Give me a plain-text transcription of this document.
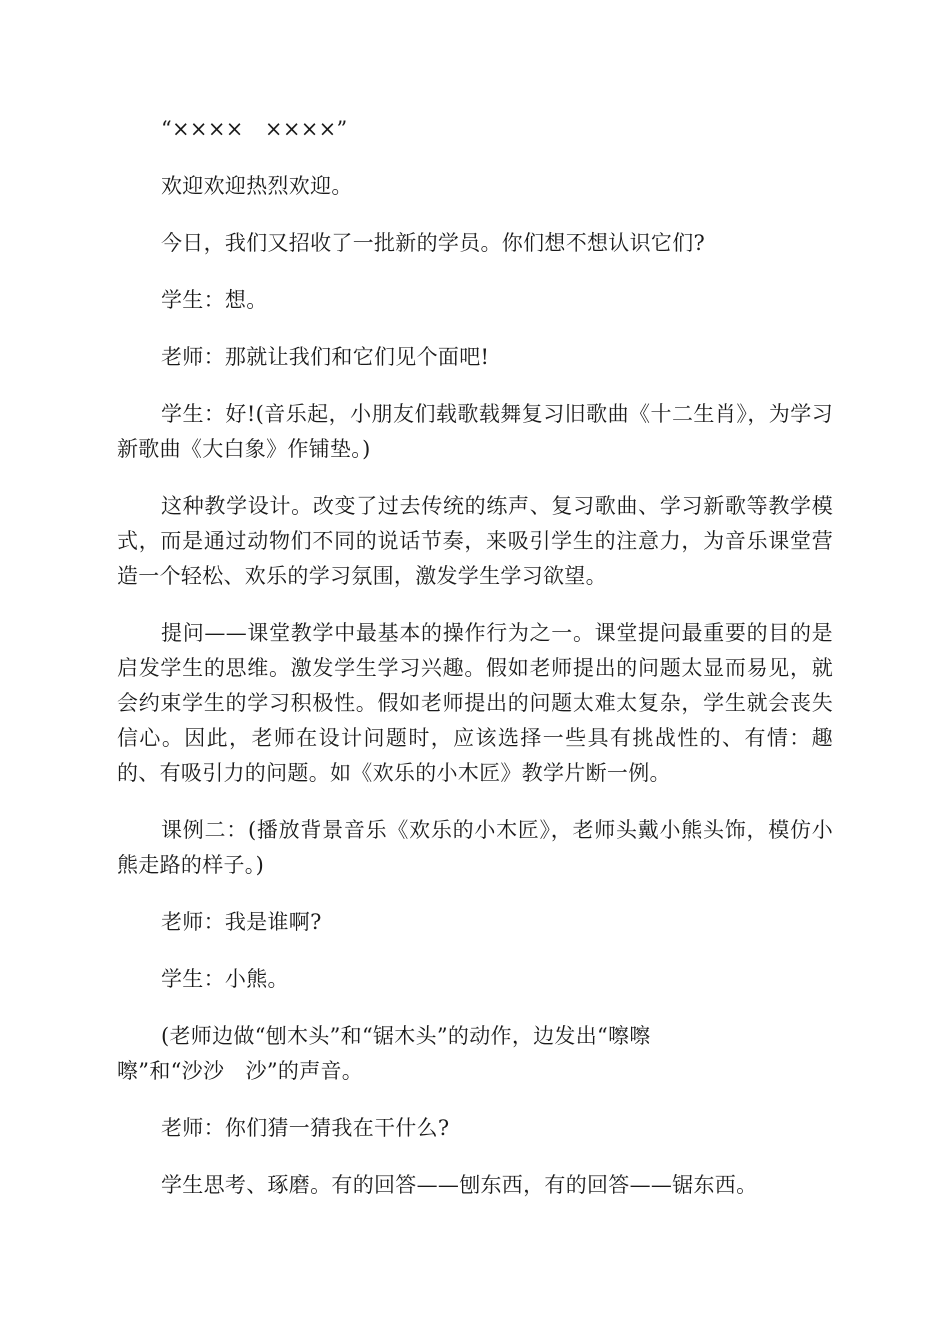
“××××　××××”

欢迎欢迎热烈欢迎。

今日，我们又招收了一批新的学员。你们想不想认识它们?

学生：想。

老师：那就让我们和它们见个面吧!

学生：好!(音乐起，小朋友们载歌载舞复习旧歌曲《十二生肖》，为学习新歌曲《大白象》作铺垫。)

这种教学设计。改变了过去传统的练声、复习歌曲、学习新歌等教学模式，而是通过动物们不同的说话节奏，来吸引学生的注意力，为音乐课堂营造一个轻松、欢乐的学习氛围，激发学生学习欲望。

提问——课堂教学中最基本的操作行为之一。课堂提问最重要的目的是启发学生的思维。激发学生学习兴趣。假如老师提出的问题太显而易见，就会约束学生的学习积极性。假如老师提出的问题太难太复杂，学生就会丧失信心。因此，老师在设计问题时，应该选择一些具有挑战性的、有情：趣的、有吸引力的问题。如《欢乐的小木匠》教学片断一例。

课例二：(播放背景音乐《欢乐的小木匠》，老师头戴小熊头饰，模仿小熊走路的样子。)

老师：我是谁啊?

学生：小熊。

(老师边做“刨木头”和“锯木头”的动作，边发出“嚓嚓

嚓”和“沙沙　沙”的声音。

老师：你们猜一猜我在干什么?

学生思考、琢磨。有的回答——刨东西，有的回答——锯东西。
